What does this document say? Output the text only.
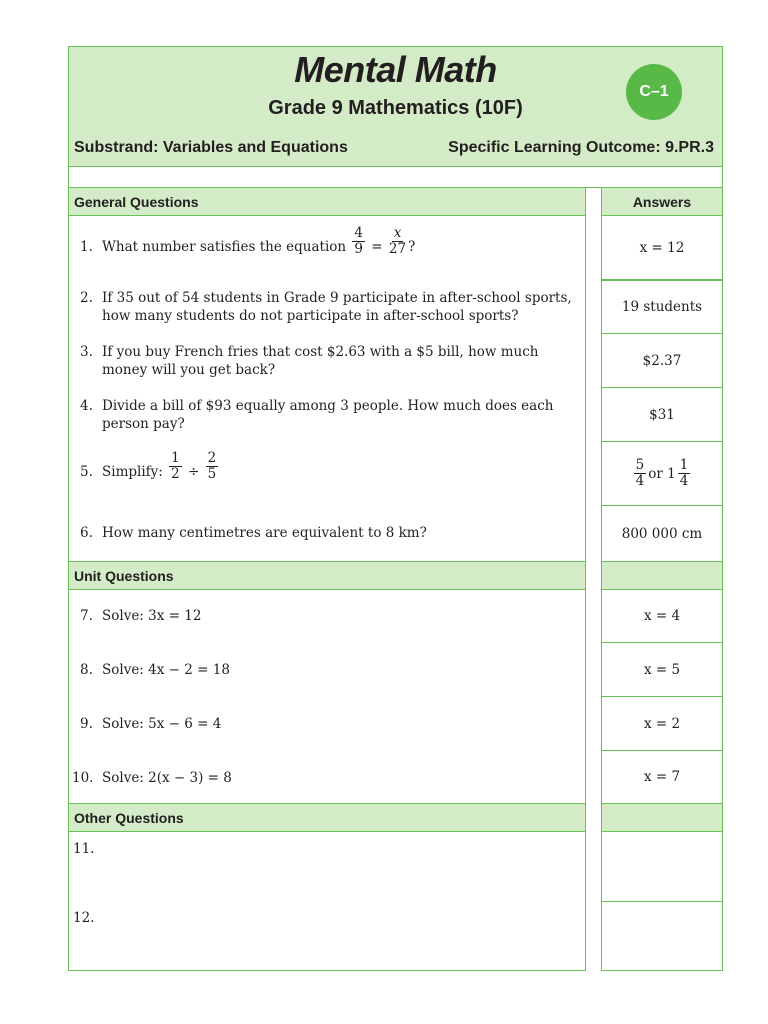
Mental Math
Grade 9 Mathematics (10F)
C–1
Substrand: Variables and Equations	Specific Learning Outcome: 9.PR.3
General Questions	Answers
Unit Questions
Other Questions
1. What number satisfies the equation $\frac{4}{9} = \frac{x}{27}$ ?
2. If 35 out of 54 students in Grade 9 participate in after-school sports, how many students do not participate in after-school sports?
3. If you buy French fries that cost $2.63 with a $5 bill, how much money will you get back?
4. Divide a bill of $93 equally among 3 people. How much does each person pay?
5. Simplify: $\frac{1}{2} \div \frac{2}{5}$
6. How many centimetres are equivalent to 8 km?
7. Solve: 3x = 12
8. Solve: 4x − 2 = 18
9. Solve: 5x − 6 = 4
10. Solve: 2(x − 3) = 8
11.
12.
x = 12
19 students
$2.37
$31
$\frac{5}{4}$ or $1 \frac{1}{4}$
800 000 cm
x = 4
x = 5
x = 2
x = 7
